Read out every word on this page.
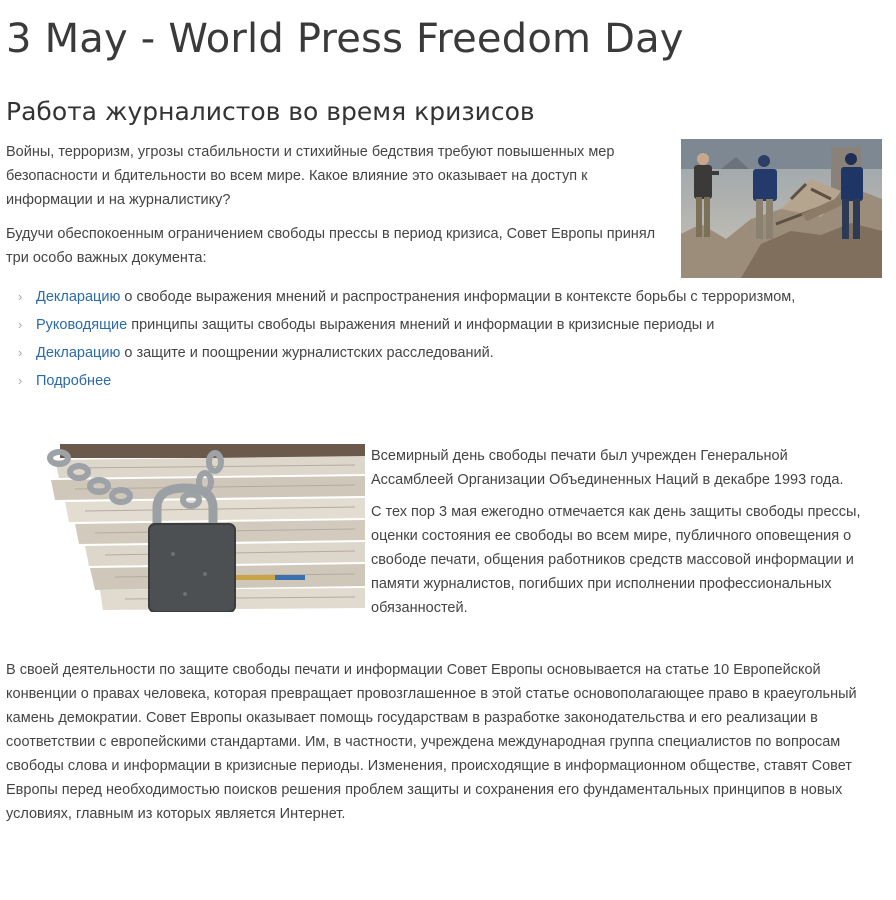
3 May - World Press Freedom Day
Работа журналистов во время кризисов

Войны, терроризм, угрозы стабильности и стихийные бедствия требуют повышенных мер безопасности и бдительности во всем мире. Какое влияние это оказывает на доступ к информации и на журналистику?

Будучи обеспокоенным ограничением свободы прессы в период кризиса, Совет Европы принял три особо важных документа:

› Декларацию о свободе выражения мнений и распространения информации в контексте борьбы с терроризмом,
› Руководящие принципы защиты свободы выражения мнений и информации в кризисные периоды и
› Декларацию о защите и поощрении журналистских расследований.
› Подробнее

Всемирный день свободы печати был учрежден Генеральной Ассамблеей Организации Объединенных Наций в декабре 1993 года.

С тех пор 3 мая ежегодно отмечается как день защиты свободы прессы, оценки состояния ее свободы во всем мире, публичного оповещения о свободе печати, общения работников средств массовой информации и памяти журналистов, погибших при исполнении профессиональных обязанностей.

В своей деятельности по защите свободы печати и информации Совет Европы основывается на статье 10 Европейской конвенции о правах человека, которая превращает провозглашенное в этой статье основополагающее право в краеугольный камень демократии. Совет Европы оказывает помощь государствам в разработке законодательства и его реализации в соответствии с европейскими стандартами. Им, в частности, учреждена международная группа специалистов по вопросам свободы слова и информации в кризисные периоды. Изменения, происходящие в информационном обществе, ставят Совет Европы перед необходимостью поисков решения проблем защиты и сохранения его фундаментальных принципов в новых условиях, главным из которых является Интернет.
